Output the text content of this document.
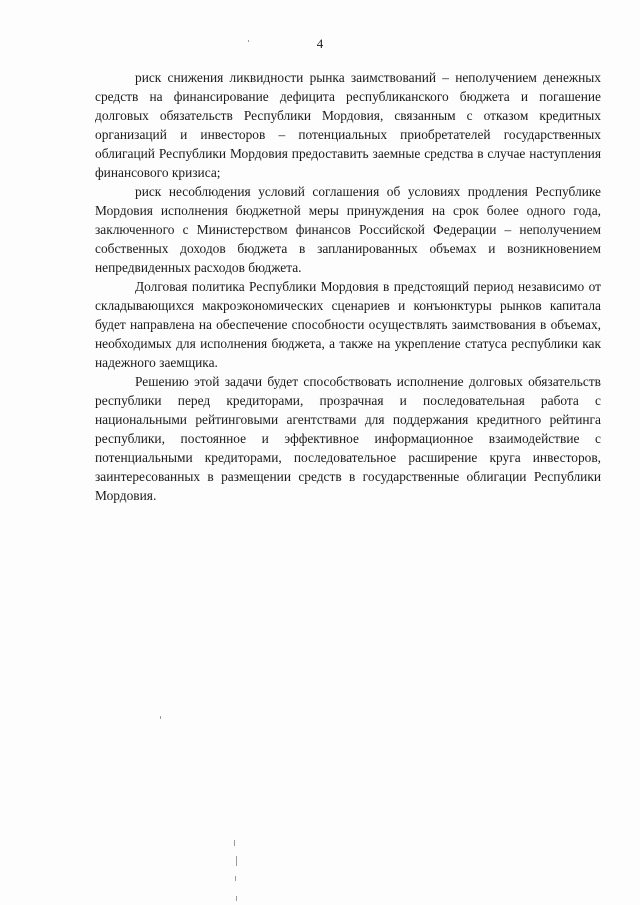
4

риск снижения ликвидности рынка заимствований – неполучением денежных средств на финансирование дефицита республиканского бюджета и погашение долговых обязательств Республики Мордовия, связанным с отказом кредитных организаций и инвесторов – потенциальных приобретателей государственных облигаций Республики Мордовия предоставить заемные средства в случае наступления финансового кризиса;

риск несоблюдения условий соглашения об условиях продления Республике Мордовия исполнения бюджетной меры принуждения на срок более одного года, заключенного с Министерством финансов Российской Федерации – неполучением собственных доходов бюджета в запланированных объемах и возникновением непредвиденных расходов бюджета.

Долговая политика Республики Мордовия в предстоящий период независимо от складывающихся макроэкономических сценариев и конъюнктуры рынков капитала будет направлена на обеспечение способности осуществлять заимствования в объемах, необходимых для исполнения бюджета, а также на укрепление статуса республики как надежного заемщика.

Решению этой задачи будет способствовать исполнение долговых обязательств республики перед кредиторами, прозрачная и последовательная работа с национальными рейтинговыми агентствами для поддержания кредитного рейтинга республики, постоянное и эффективное информационное взаимодействие с потенциальными кредиторами, последовательное расширение круга инвесторов, заинтересованных в размещении средств в государственные облигации Республики Мордовия.
